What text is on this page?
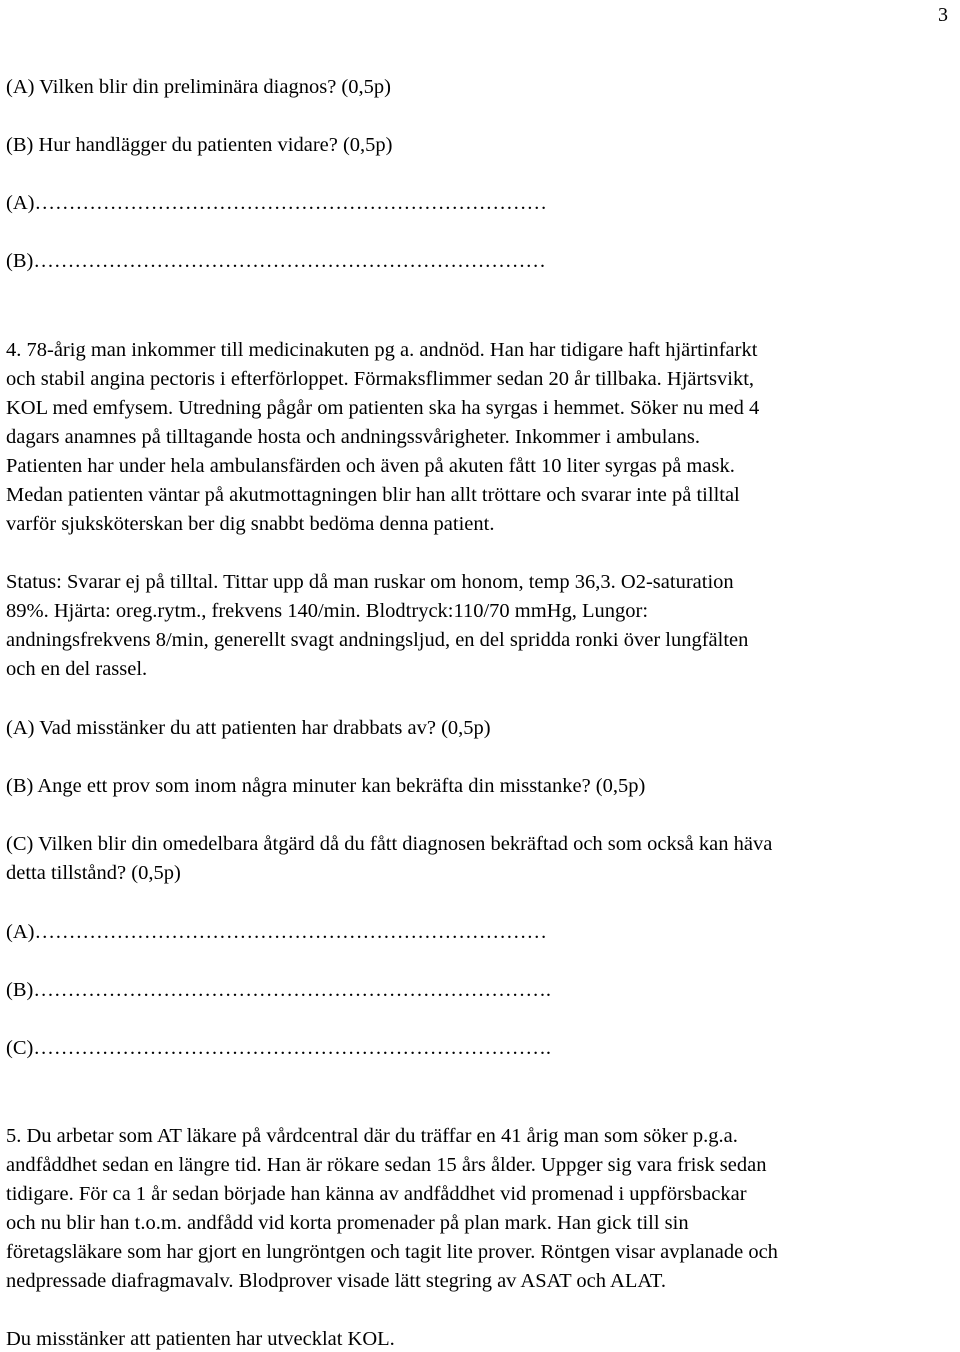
3
(A) Vilken blir din preliminära diagnos? (0,5p)
(B) Hur handlägger du patienten vidare? (0,5p)
(A)…………………………………………………………………
(B)…………………………………………………………………
4. 78-årig man inkommer till medicinakuten pg a. andnöd. Han har tidigare haft hjärtinfarkt
och stabil angina pectoris i efterförloppet. Förmaksflimmer sedan 20 år tillbaka. Hjärtsvikt,
KOL med emfysem. Utredning pågår om patienten ska ha syrgas i hemmet. Söker nu med 4
dagars anamnes på tilltagande hosta och andningssvårigheter. Inkommer i ambulans.
Patienten har under hela ambulansfärden och även på akuten fått 10 liter syrgas på mask.
Medan patienten väntar på akutmottagningen blir han allt tröttare och svarar inte på tilltal
varför sjuksköterskan ber dig snabbt bedöma denna patient.
Status: Svarar ej på tilltal. Tittar upp då man ruskar om honom, temp 36,3. O2-saturation
89%. Hjärta: oreg.rytm., frekvens 140/min. Blodtryck:110/70 mmHg, Lungor:
andningsfrekvens 8/min, generellt svagt andningsljud, en del spridda ronki över lungfälten
och en del rassel.
(A) Vad misstänker du att patienten har drabbats av? (0,5p)
(B) Ange ett prov som inom några minuter kan bekräfta din misstanke? (0,5p)
(C) Vilken blir din omedelbara åtgärd då du fått diagnosen bekräftad och som också kan häva
detta tillstånd? (0,5p)
(A)…………………………………………………………………
(B)………………………………………………………………….
(C)………………………………………………………………….
5. Du arbetar som AT läkare på vårdcentral där du träffar en 41 årig man som söker p.g.a.
andfåddhet sedan en längre tid. Han är rökare sedan 15 års ålder. Uppger sig vara frisk sedan
tidigare. För ca 1 år sedan började han känna av andfåddhet vid promenad i uppförsbackar
och nu blir han t.o.m. andfådd vid korta promenader på plan mark. Han gick till sin
företagsläkare som har gjort en lungröntgen och tagit lite prover. Röntgen visar avplanade och
nedpressade diafragmavalv. Blodprover visade lätt stegring av ASAT och ALAT.
Du misstänker att patienten har utvecklat KOL.
